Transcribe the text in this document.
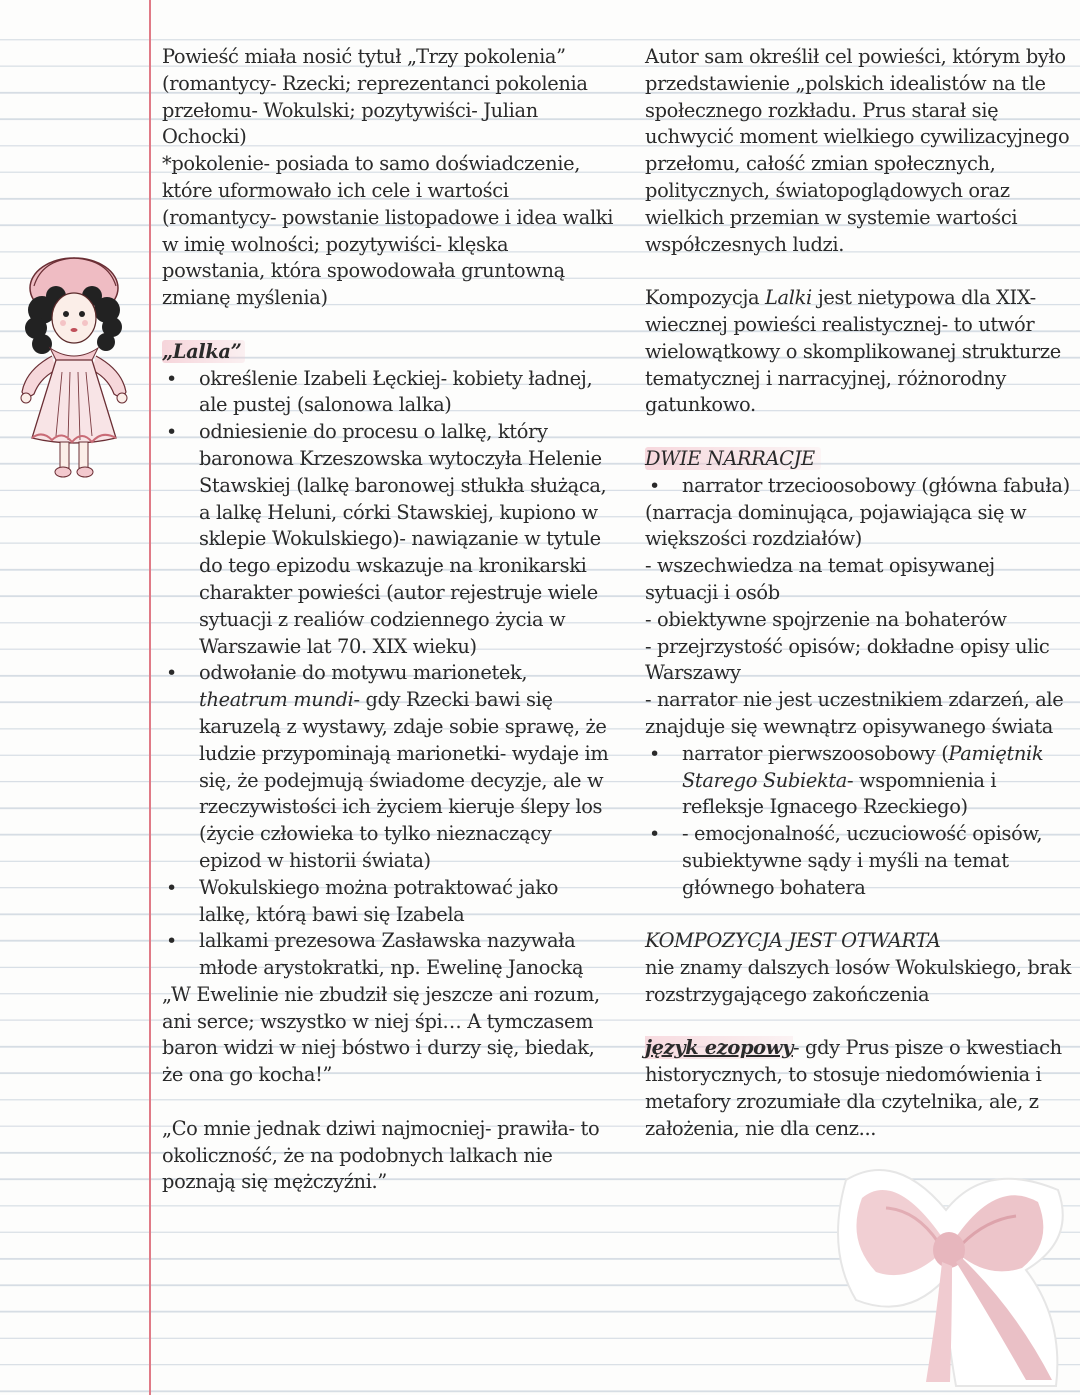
Powieść miała nosić tytuł „Trzy pokolenia” (romantycy- Rzecki; reprezentanci pokolenia przełomu- Wokulski; pozytywiści- Julian Ochocki)

*pokolenie- posiada to samo doświadczenie, które uformowało ich cele i wartości (romantycy- powstanie listopadowe i idea walki w imię wolności; pozytywiści- klęska powstania, która spowodowała gruntowną zmianę myślenia)

„Lalka”

• określenie Izabeli Łęckiej- kobiety ładnej, ale pustej (salonowa lalka)
• odniesienie do procesu o lalkę, który baronowa Krzeszowska wytoczyła Helenie Stawskiej (lalkę baronowej stłukła służąca, a lalkę Heluni, córki Stawskiej, kupiono w sklepie Wokulskiego)- nawiązanie w tytule do tego epizodu wskazuje na kronikarski charakter powieści (autor rejestruje wiele sytuacji z realiów codziennego życia w Warszawie lat 70. XIX wieku)
• odwołanie do motywu marionetek, theatrum mundi- gdy Rzecki bawi się karuzelą z wystawy, zdaje sobie sprawę, że ludzie przypominają marionetki- wydaje im się, że podejmują świadome decyzje, ale w rzeczywistości ich życiem kieruje ślepy los (życie człowieka to tylko nieznaczący epizod w historii świata)
• Wokulskiego można potraktować jako lalkę, którą bawi się Izabela
• lalkami prezesowa Zasławska nazywała młode arystokratki, np. Ewelinę Janocką

„W Ewelinie nie zbudził się jeszcze ani rozum, ani serce; wszystko w niej śpi… A tymczasem baron widzi w niej bóstwo i durzy się, biedak, że ona go kocha!”

„Co mnie jednak dziwi najmocniej- prawiła- to okoliczność, że na podobnych lalkach nie poznają się mężczyźni.”

Autor sam określił cel powieści, którym było przedstawienie „polskich idealistów na tle społecznego rozkładu. Prus starał się uchwycić moment wielkiego cywilizacyjnego przełomu, całość zmian społecznych, politycznych, światopoglądowych oraz wielkich przemian w systemie wartości współczesnych ludzi.

Kompozycja Lalki jest nietypowa dla XIX-wiecznej powieści realistycznej- to utwór wielowątkowy o skomplikowanej strukturze tematycznej i narracyjnej, różnorodny gatunkowo.

DWIE NARRACJE

• narrator trzecioosobowy (główna fabuła)

(narracja dominująca, pojawiająca się w większości rozdziałów)

- wszechwiedza na temat opisywanej sytuacji i osób

- obiektywne spojrzenie na bohaterów

- przejrzystość opisów; dokładne opisy ulic Warszawy

- narrator nie jest uczestnikiem zdarzeń, ale znajduje się wewnątrz opisywanego świata

• narrator pierwszoosobowy (Pamiętnik Starego Subiekta- wspomnienia i refleksje Ignacego Rzeckiego)
• - emocjonalność, uczuciowość opisów, subiektywne sądy i myśli na temat głównego bohatera

KOMPOZYCJA JEST OTWARTA

nie znamy dalszych losów Wokulskiego, brak rozstrzygającego zakończenia

język ezopowy- gdy Prus pisze o kwestiach historycznych, to stosuje niedomówienia i metafory zrozumiałe dla czytelnika, ale, z założenia, nie dla cenz...
